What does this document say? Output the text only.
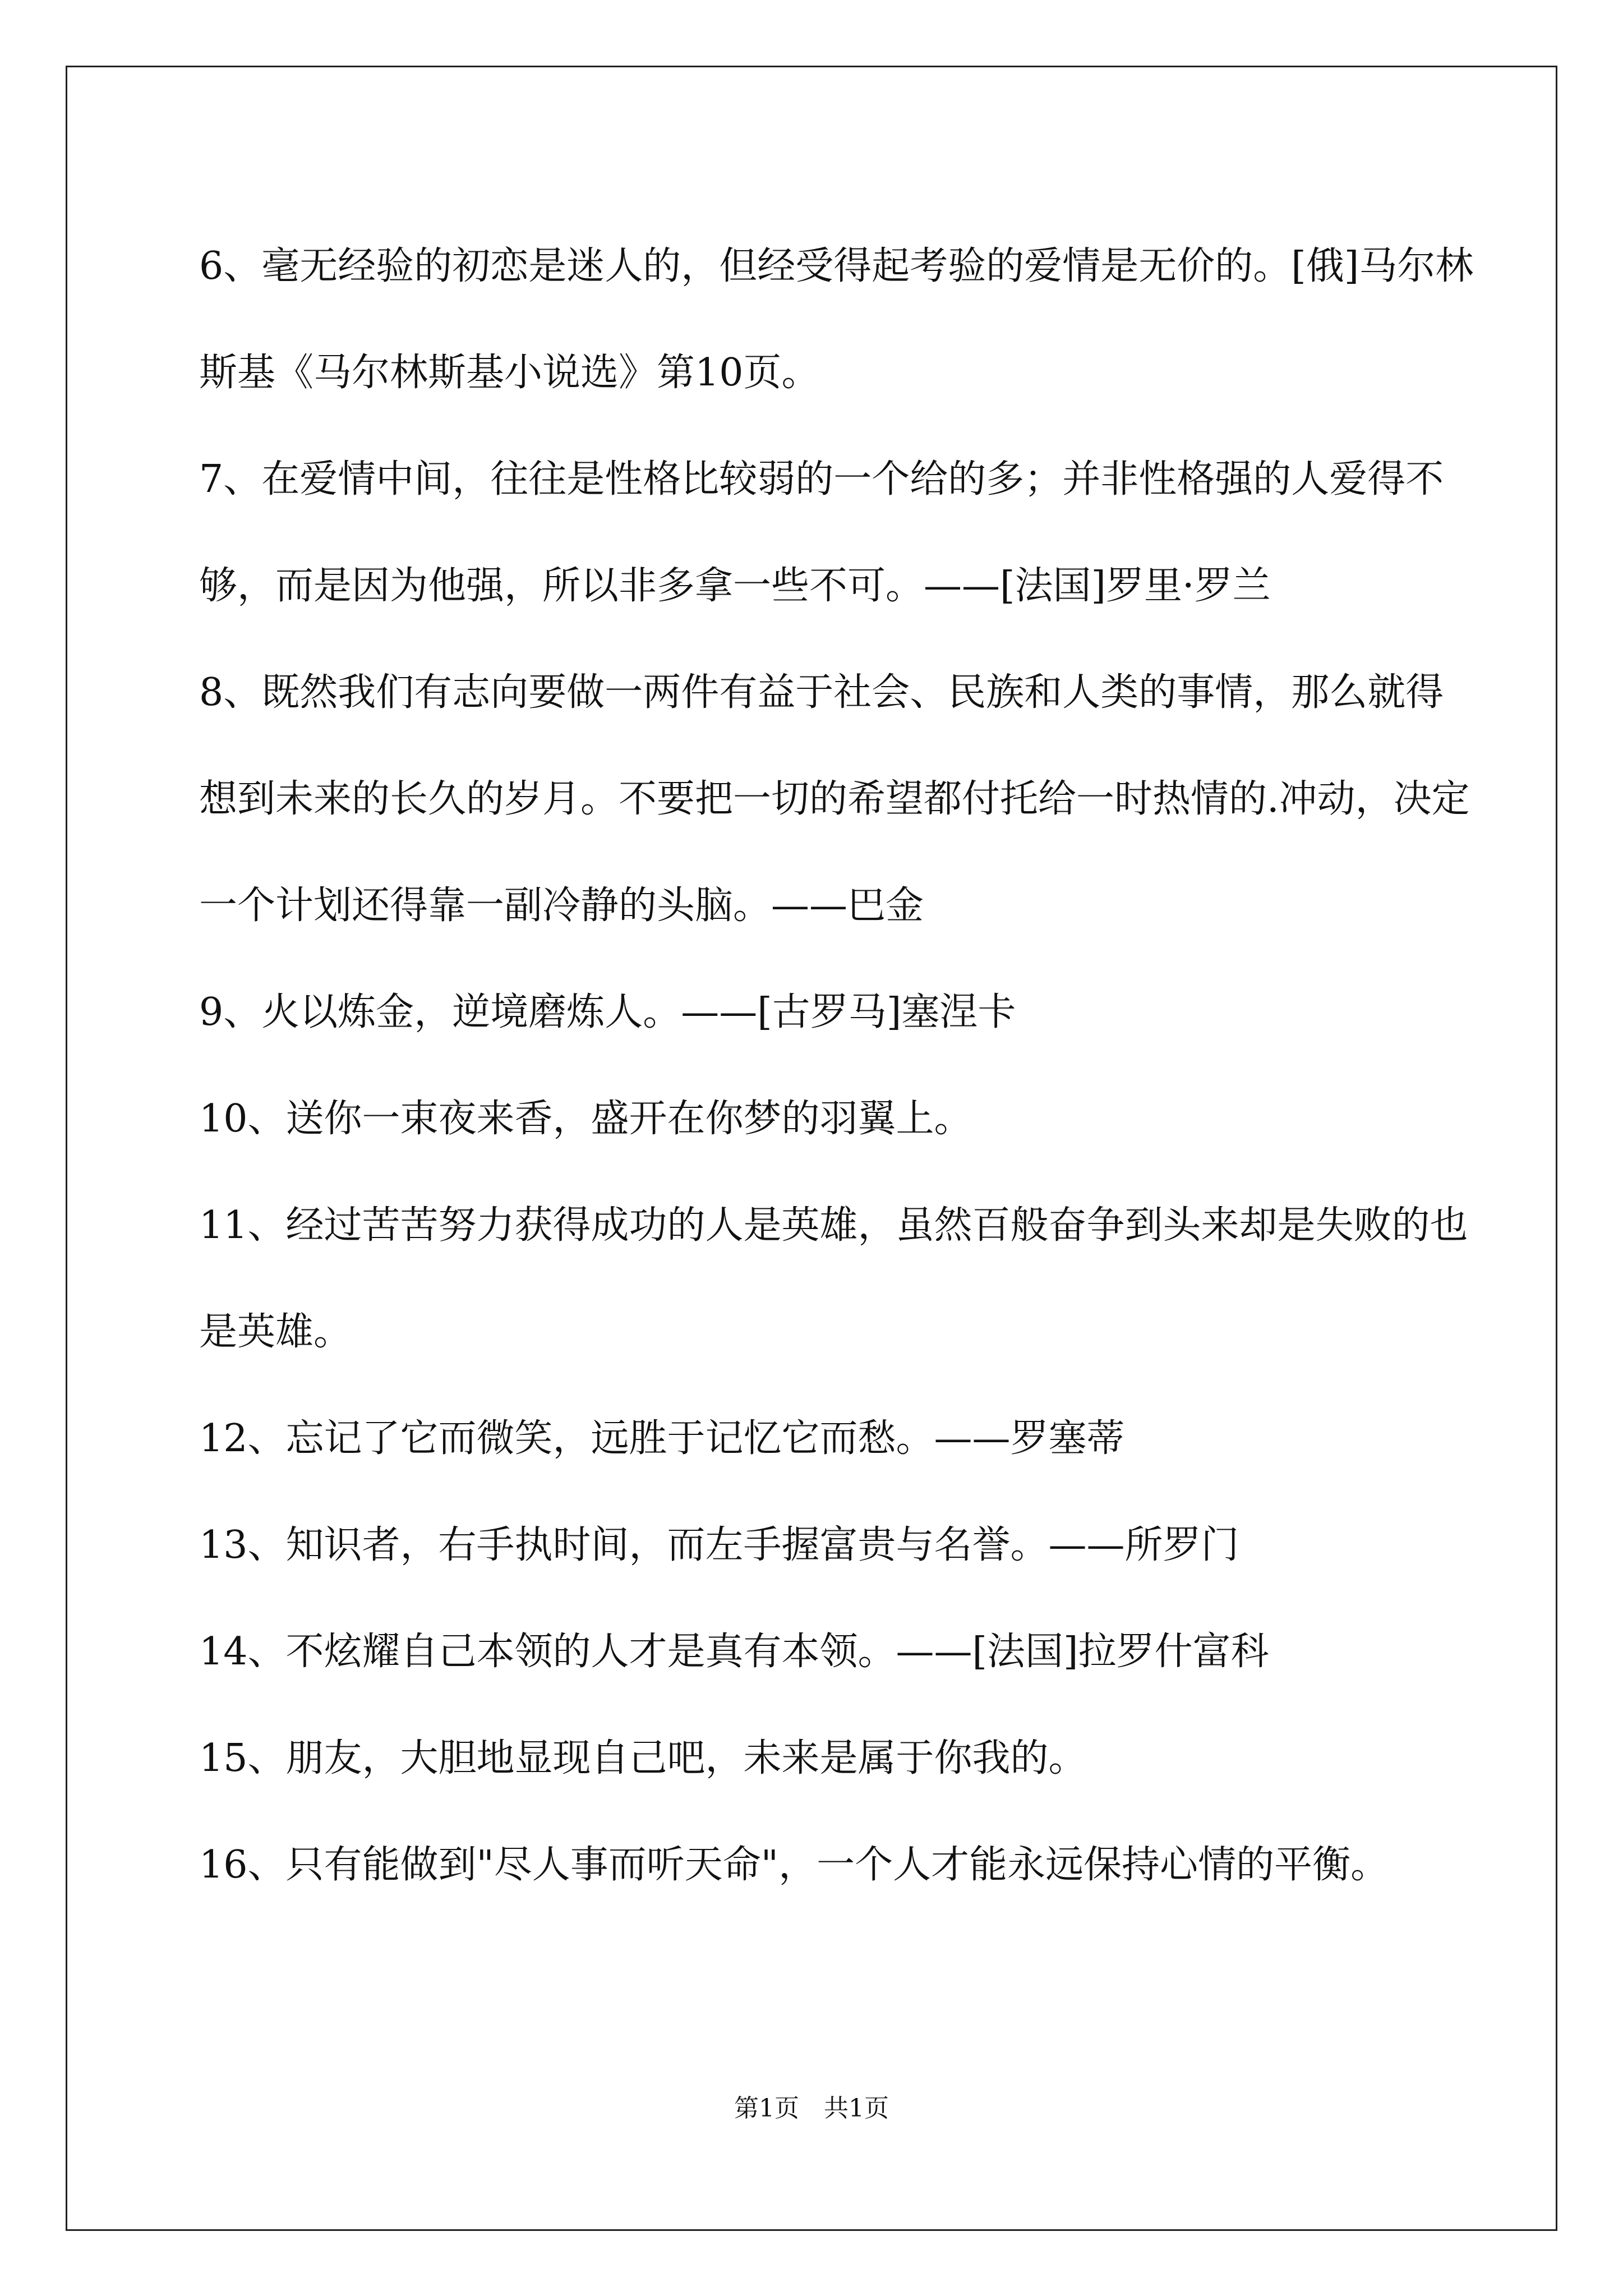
6、毫无经验的初恋是迷人的，但经受得起考验的爱情是无价的。[俄]马尔林斯基《马尔林斯基小说选》第10页。

7、在爱情中间，往往是性格比较弱的一个给的多；并非性格强的人爱得不够，而是因为他强，所以非多拿一些不可。——[法国]罗里·罗兰

8、既然我们有志向要做一两件有益于社会、民族和人类的事情，那么就得想到未来的长久的岁月。不要把一切的希望都付托给一时热情的.冲动，决定一个计划还得靠一副冷静的头脑。——巴金

9、火以炼金，逆境磨炼人。——[古罗马]塞涅卡

10、送你一束夜来香，盛开在你梦的羽翼上。

11、经过苦苦努力获得成功的人是英雄，虽然百般奋争到头来却是失败的也是英雄。

12、忘记了它而微笑，远胜于记忆它而愁。——罗塞蒂

13、知识者，右手执时间，而左手握富贵与名誉。——所罗门

14、不炫耀自己本领的人才是真有本领。——[法国]拉罗什富科

15、朋友，大胆地显现自己吧，未来是属于你我的。

16、只有能做到"尽人事而听天命"，一个人才能永远保持心情的平衡。

第1页 共1页
